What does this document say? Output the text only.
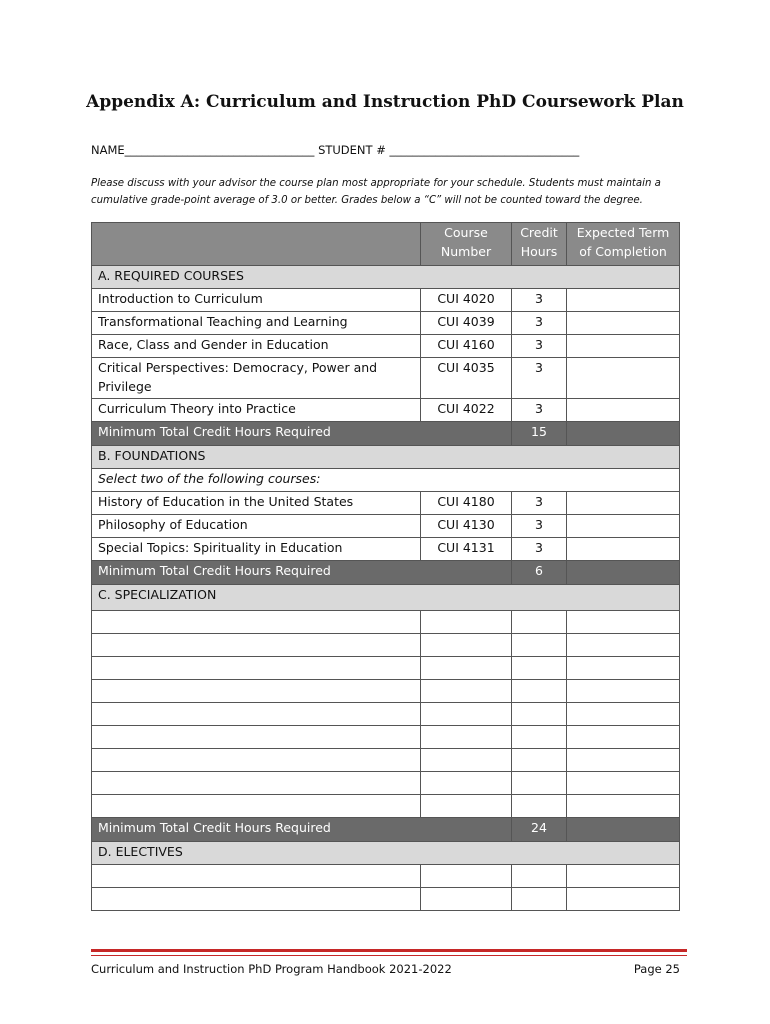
Appendix A: Curriculum and Instruction PhD Coursework Plan
NAME_________________________________ STUDENT # _________________________________
Please discuss with your advisor the course plan most appropriate for your schedule. Students must maintain a cumulative grade-point average of 3.0 or better. Grades below a “C” will not be counted toward the degree.
	Course Number	Credit Hours	Expected Term of Completion
A. REQUIRED COURSES			
Introduction to Curriculum	CUI 4020	3	
Transformational Teaching and Learning	CUI 4039	3	
Race, Class and Gender in Education	CUI 4160	3	
Critical Perspectives: Democracy, Power and Privilege	CUI 4035	3	
Curriculum Theory into Practice	CUI 4022	3	
Minimum Total Credit Hours Required		15	
B. FOUNDATIONS			
Select two of the following courses:			
History of Education in the United States	CUI 4180	3	
Philosophy of Education	CUI 4130	3	
Special Topics: Spirituality in Education	CUI 4131	3	
Minimum Total Credit Hours Required		6	
C. SPECIALIZATION			

Minimum Total Credit Hours Required		24	
D. ELECTIVES			

Curriculum and Instruction PhD Program Handbook 2021-2022	Page 25
